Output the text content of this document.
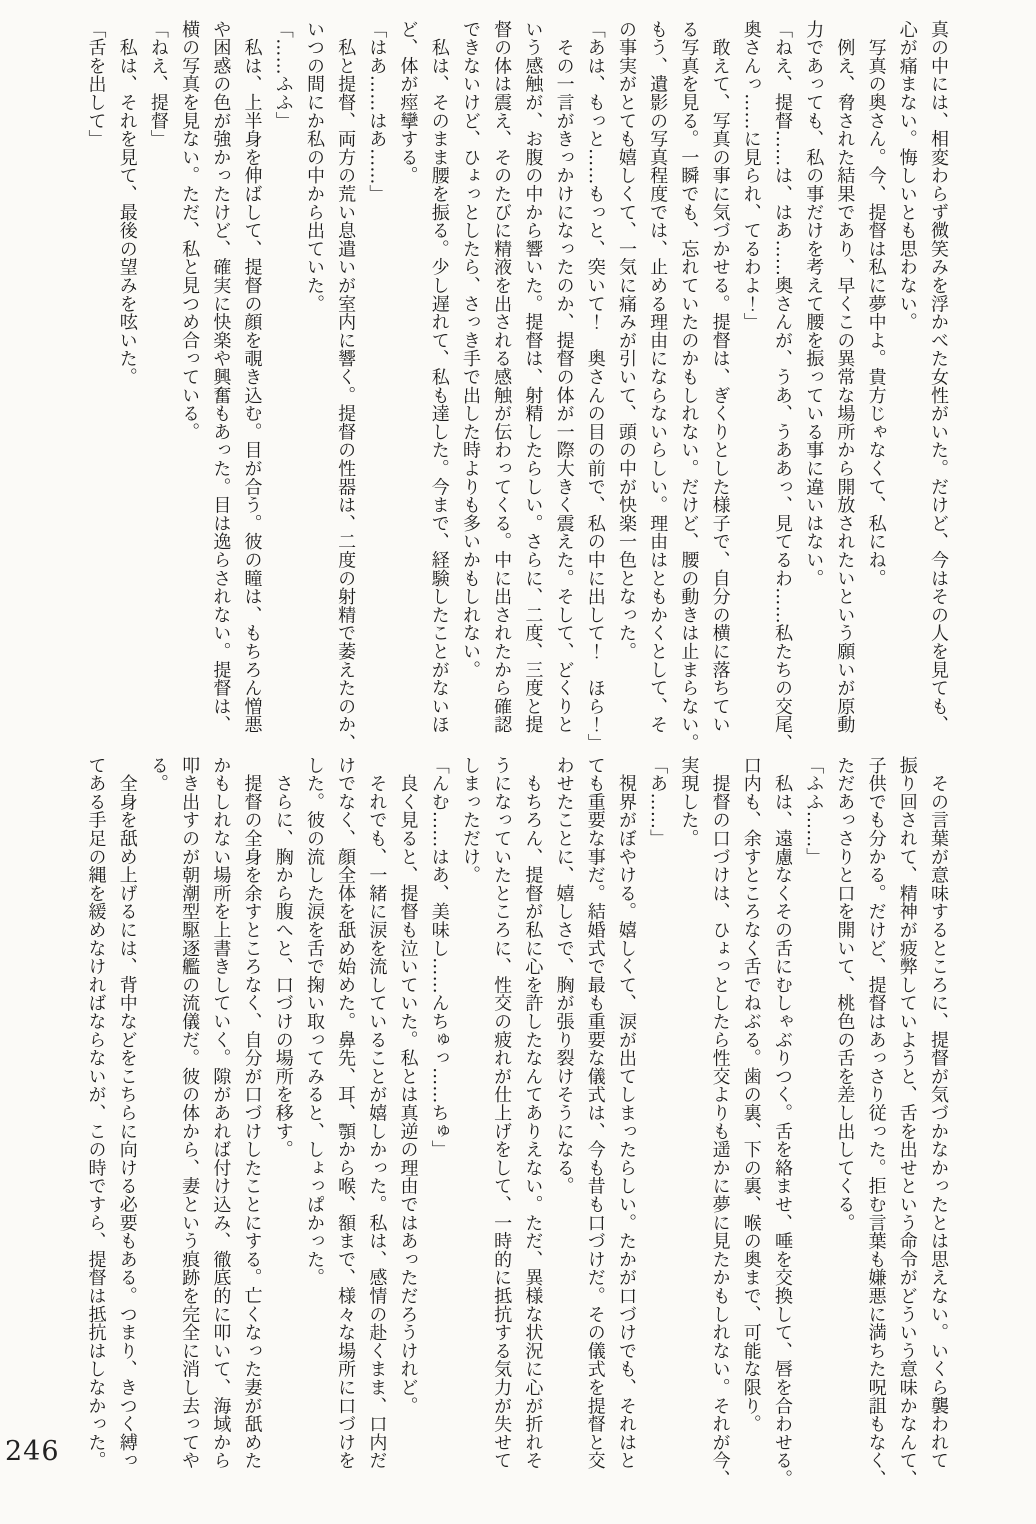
真の中には、相変わらず微笑みを浮かべた女性がいた。だけど、今はその人を見ても、
心が痛まない。悔しいとも思わない。
　写真の奥さん。今、提督は私に夢中よ。貴方じゃなくて、私にね。
　例え、脅された結果であり、早くこの異常な場所から開放されたいという願いが原動
力であっても、私の事だけを考えて腰を振っている事に違いはない。
「ねえ、提督……は、はあ……奥さんが、うあ、うああっ、見てるわ……私たちの交尾、
奥さんっ……に見られ、てるわよ！」
　敢えて、写真の事に気づかせる。提督は、ぎくりとした様子で、自分の横に落ちてい
る写真を見る。一瞬でも、忘れていたのかもしれない。だけど、腰の動きは止まらない。
もう、遺影の写真程度では、止める理由にならないらしい。理由はともかくとして、そ
の事実がとても嬉しくて、一気に痛みが引いて、頭の中が快楽一色となった。
「あは、もっと……もっと、突いて！　奥さんの目の前で、私の中に出して！　ほら！」
　その一言がきっかけになったのか、提督の体が一際大きく震えた。そして、どくりと
いう感触が、お腹の中から響いた。提督は、射精したらしい。さらに、二度、三度と提
督の体は震え、そのたびに精液を出される感触が伝わってくる。中に出されたから確認
できないけど、ひょっとしたら、さっき手で出した時よりも多いかもしれない。
　私は、そのまま腰を振る。少し遅れて、私も達した。今まで、経験したことがないほ
ど、体が痙攣する。
「はあ……はあ……」
　私と提督、両方の荒い息遣いが室内に響く。提督の性器は、二度の射精で萎えたのか、
いつの間にか私の中から出ていた。
「……ふふ」
　私は、上半身を伸ばして、提督の顔を覗き込む。目が合う。彼の瞳は、もちろん憎悪
や困惑の色が強かったけど、確実に快楽や興奮もあった。目は逸らされない。提督は、
横の写真を見ない。ただ、私と見つめ合っている。
「ねえ、提督」
　私は、それを見て、最後の望みを呟いた。
「舌を出して」
　その言葉が意味するところに、提督が気づかなかったとは思えない。いくら襲われて
振り回されて、精神が疲弊していようと、舌を出せという命令がどういう意味かなんて、
子供でも分かる。だけど、提督はあっさり従った。拒む言葉も嫌悪に満ちた呪詛もなく、
ただあっさりと口を開いて、桃色の舌を差し出してくる。
「ふふ……」
　私は、遠慮なくその舌にむしゃぶりつく。舌を絡ませ、唾を交換して、唇を合わせる。
口内も、余すところなく舌でねぶる。歯の裏、下の裏、喉の奥まで、可能な限り。
　提督の口づけは、ひょっとしたら性交よりも遥かに夢に見たかもしれない。それが今、
実現した。
「あ……」
　視界がぼやける。嬉しくて、涙が出てしまったらしい。たかが口づけでも、それはと
ても重要な事だ。結婚式で最も重要な儀式は、今も昔も口づけだ。その儀式を提督と交
わせたことに、嬉しさで、胸が張り裂けそうになる。
　もちろん、提督が私に心を許したなんてありえない。ただ、異様な状況に心が折れそ
うになっていたところに、性交の疲れが仕上げをして、一時的に抵抗する気力が失せて
しまっただけ。
「んむ……はあ、美味し……んちゅっ……ちゅ」
　良く見ると、提督も泣いていた。私とは真逆の理由ではあっただろうけれど。
　それでも、一緒に涙を流していることが嬉しかった。私は、感情の赴くまま、口内だ
けでなく、顔全体を舐め始めた。鼻先、耳、顎から喉、額まで、様々な場所に口づけを
した。彼の流した涙を舌で掬い取ってみると、しょっぱかった。
　さらに、胸から腹へと、口づけの場所を移す。
　提督の全身を余すところなく、自分が口づけしたことにする。亡くなった妻が舐めた
かもしれない場所を上書きしていく。隙があれば付け込み、徹底的に叩いて、海域から
叩き出すのが朝潮型駆逐艦の流儀だ。彼の体から、妻という痕跡を完全に消し去ってや
る。
　全身を舐め上げるには、背中などをこちらに向ける必要もある。つまり、きつく縛っ
てある手足の縄を緩めなければならないが、この時ですら、提督は抵抗はしなかった。
246
